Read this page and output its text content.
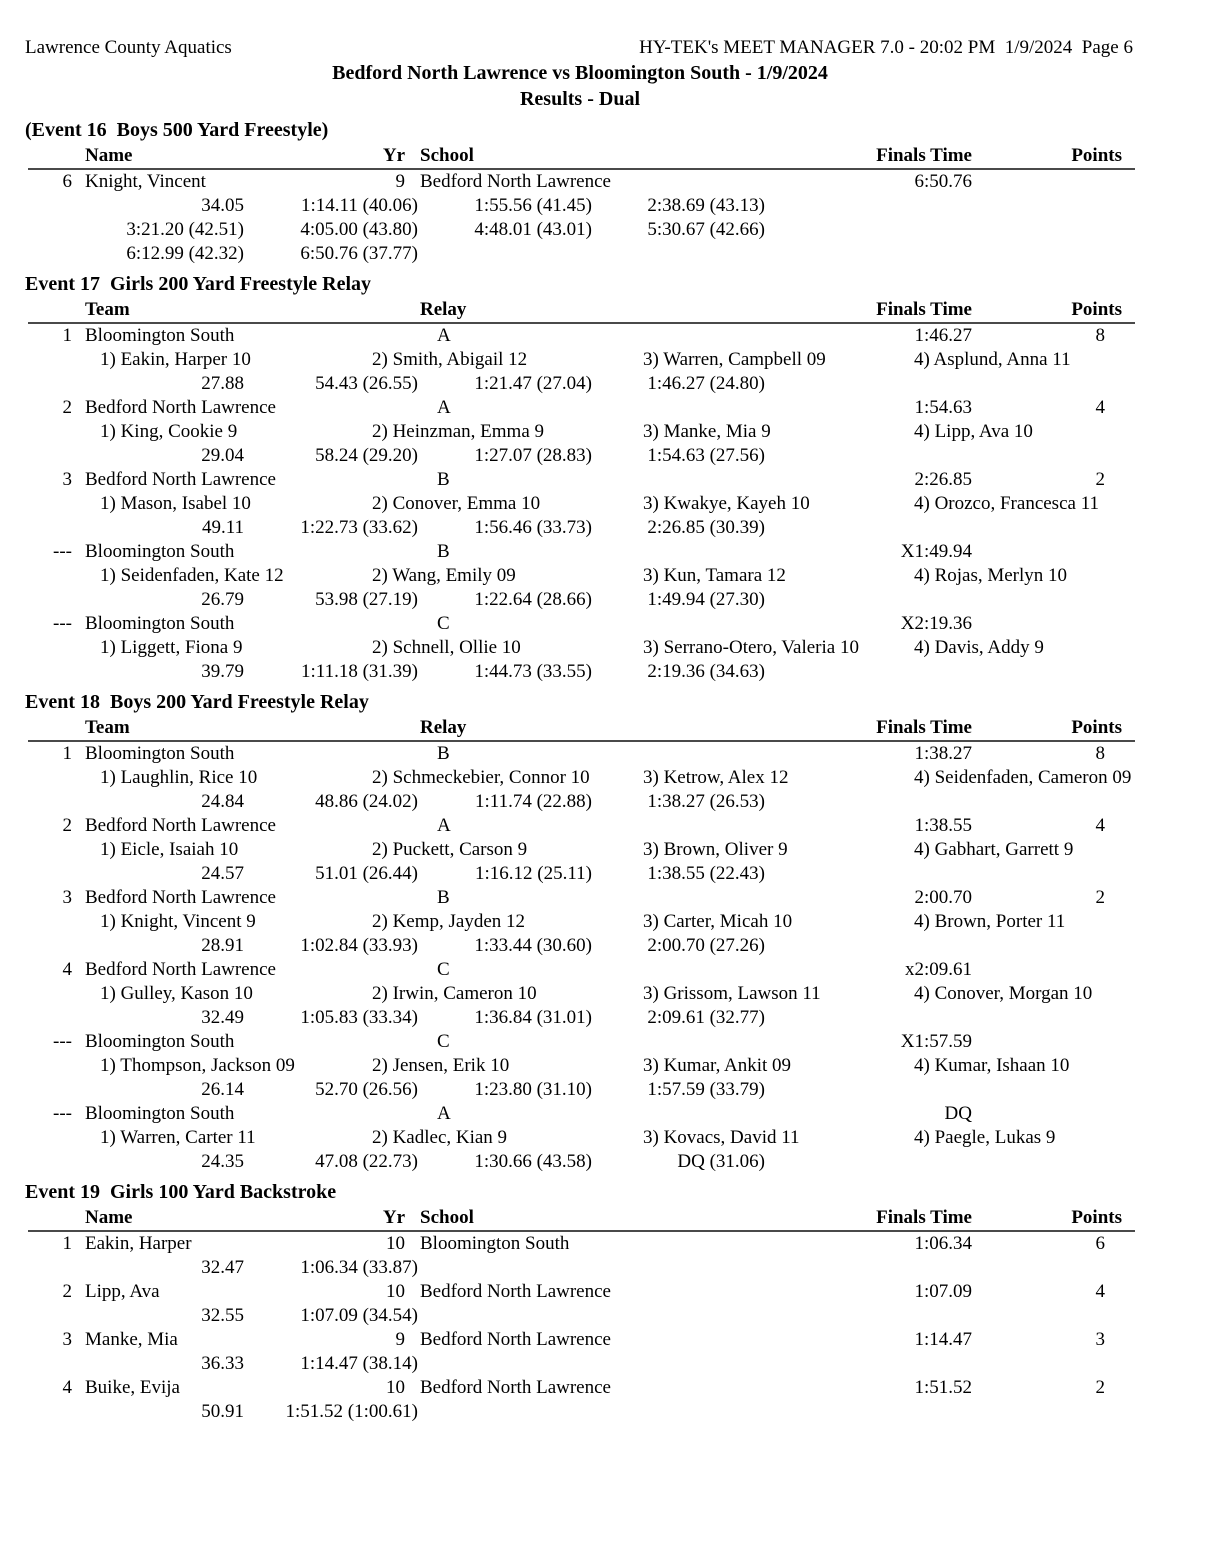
Lawrence County Aquatics	HY-TEK's MEET MANAGER 7.0 - 20:02 PM  1/9/2024  Page 6
Bedford North Lawrence vs Bloomington South - 1/9/2024
Results - Dual
(Event 16  Boys 500 Yard Freestyle)
Name	Yr School	Finals Time	Points
6 Knight, Vincent	9 Bedford North Lawrence	6:50.76
34.05	1:14.11 (40.06)	1:55.56 (41.45)	2:38.69 (43.13)
3:21.20 (42.51)	4:05.00 (43.80)	4:48.01 (43.01)	5:30.67 (42.66)
6:12.99 (42.32)	6:50.76 (37.77)
Event 17  Girls 200 Yard Freestyle Relay
Team	Relay	Finals Time	Points
1 Bloomington South	A	1:46.27	8
1) Eakin, Harper 10	2) Smith, Abigail 12	3) Warren, Campbell 09	4) Asplund, Anna 11
27.88	54.43 (26.55)	1:21.47 (27.04)	1:46.27 (24.80)
2 Bedford North Lawrence	A	1:54.63	4
1) King, Cookie 9	2) Heinzman, Emma 9	3) Manke, Mia 9	4) Lipp, Ava 10
29.04	58.24 (29.20)	1:27.07 (28.83)	1:54.63 (27.56)
3 Bedford North Lawrence	B	2:26.85	2
1) Mason, Isabel 10	2) Conover, Emma 10	3) Kwakye, Kayeh 10	4) Orozco, Francesca 11
49.11	1:22.73 (33.62)	1:56.46 (33.73)	2:26.85 (30.39)
--- Bloomington South	B	X1:49.94
1) Seidenfaden, Kate 12	2) Wang, Emily 09	3) Kun, Tamara 12	4) Rojas, Merlyn 10
26.79	53.98 (27.19)	1:22.64 (28.66)	1:49.94 (27.30)
--- Bloomington South	C	X2:19.36
1) Liggett, Fiona 9	2) Schnell, Ollie 10	3) Serrano-Otero, Valeria 10	4) Davis, Addy 9
39.79	1:11.18 (31.39)	1:44.73 (33.55)	2:19.36 (34.63)
Event 18  Boys 200 Yard Freestyle Relay
Team	Relay	Finals Time	Points
1 Bloomington South	B	1:38.27	8
1) Laughlin, Rice 10	2) Schmeckebier, Connor 10	3) Ketrow, Alex 12	4) Seidenfaden, Cameron 09
24.84	48.86 (24.02)	1:11.74 (22.88)	1:38.27 (26.53)
2 Bedford North Lawrence	A	1:38.55	4
1) Eicle, Isaiah 10	2) Puckett, Carson 9	3) Brown, Oliver 9	4) Gabhart, Garrett 9
24.57	51.01 (26.44)	1:16.12 (25.11)	1:38.55 (22.43)
3 Bedford North Lawrence	B	2:00.70	2
1) Knight, Vincent 9	2) Kemp, Jayden 12	3) Carter, Micah 10	4) Brown, Porter 11
28.91	1:02.84 (33.93)	1:33.44 (30.60)	2:00.70 (27.26)
4 Bedford North Lawrence	C	x2:09.61
1) Gulley, Kason 10	2) Irwin, Cameron 10	3) Grissom, Lawson 11	4) Conover, Morgan 10
32.49	1:05.83 (33.34)	1:36.84 (31.01)	2:09.61 (32.77)
--- Bloomington South	C	X1:57.59
1) Thompson, Jackson 09	2) Jensen, Erik 10	3) Kumar, Ankit 09	4) Kumar, Ishaan 10
26.14	52.70 (26.56)	1:23.80 (31.10)	1:57.59 (33.79)
--- Bloomington South	A	DQ
1) Warren, Carter 11	2) Kadlec, Kian 9	3) Kovacs, David 11	4) Paegle, Lukas 9
24.35	47.08 (22.73)	1:30.66 (43.58)	DQ (31.06)
Event 19  Girls 100 Yard Backstroke
Name	Yr School	Finals Time	Points
1 Eakin, Harper	10 Bloomington South	1:06.34	6
32.47	1:06.34 (33.87)
2 Lipp, Ava	10 Bedford North Lawrence	1:07.09	4
32.55	1:07.09 (34.54)
3 Manke, Mia	9 Bedford North Lawrence	1:14.47	3
36.33	1:14.47 (38.14)
4 Buike, Evija	10 Bedford North Lawrence	1:51.52	2
50.91	1:51.52 (1:00.61)
